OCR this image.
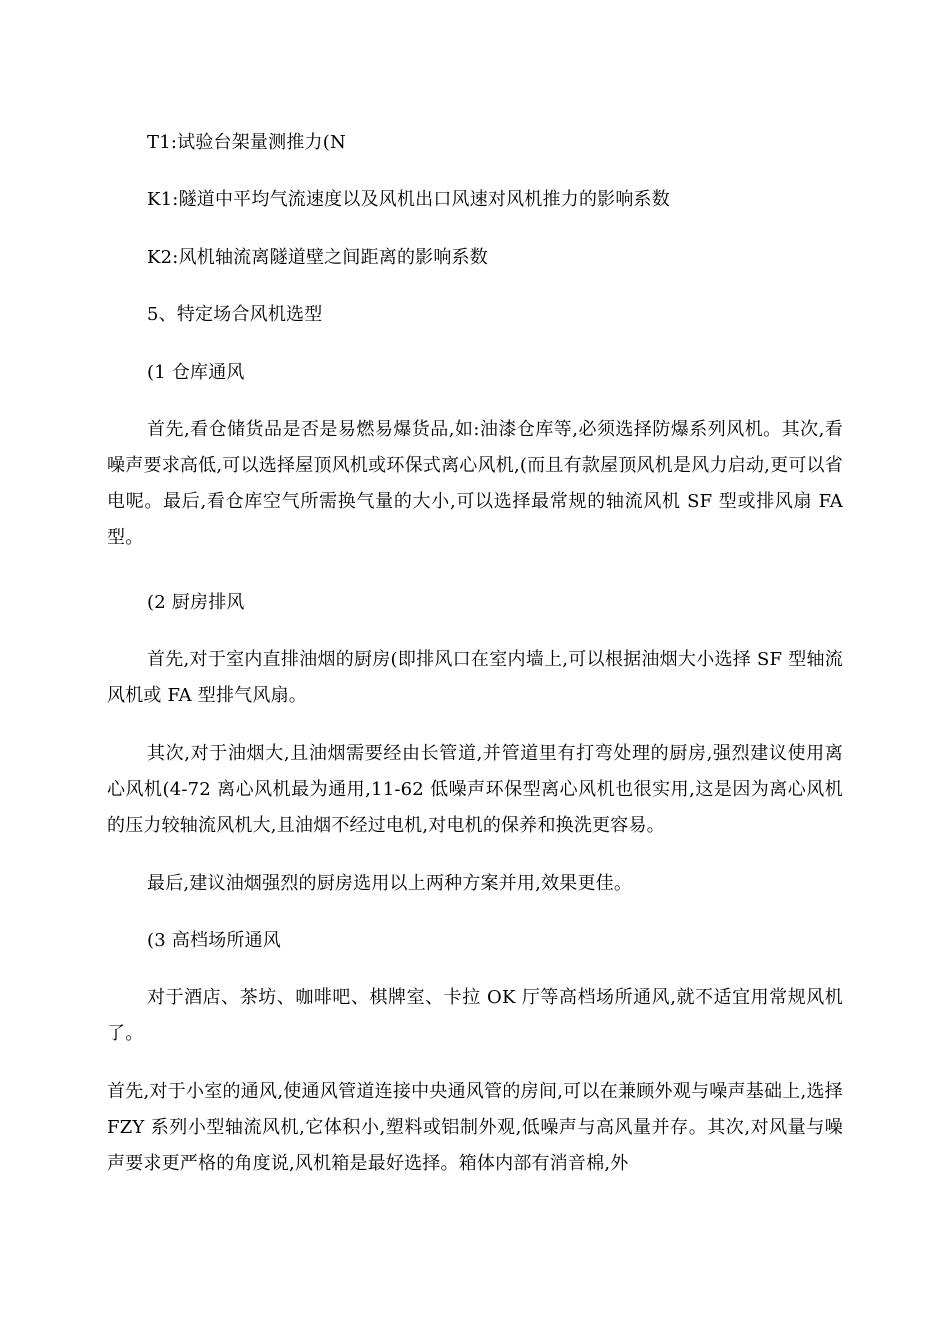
T1:试验台架量测推力(N

K1:隧道中平均气流速度以及风机出口风速对风机推力的影响系数

K2:风机轴流离隧道壁之间距离的影响系数

5、特定场合风机选型

(1 仓库通风

首先,看仓储货品是否是易燃易爆货品,如:油漆仓库等,必须选择防爆系列风机。其次,看噪声要求高低,可以选择屋顶风机或环保式离心风机,(而且有款屋顶风机是风力启动,更可以省电呢。最后,看仓库空气所需换气量的大小,可以选择最常规的轴流风机 SF 型或排风扇 FA 型。

(2 厨房排风

首先,对于室内直排油烟的厨房(即排风口在室内墙上,可以根据油烟大小选择 SF 型轴流风机或 FA 型排气风扇。

其次,对于油烟大,且油烟需要经由长管道,并管道里有打弯处理的厨房,强烈建议使用离心风机(4-72 离心风机最为通用,11-62 低噪声环保型离心风机也很实用,这是因为离心风机的压力较轴流风机大,且油烟不经过电机,对电机的保养和换洗更容易。

最后,建议油烟强烈的厨房选用以上两种方案并用,效果更佳。

(3 高档场所通风

对于酒店、茶坊、咖啡吧、棋牌室、卡拉 OK 厅等高档场所通风,就不适宜用常规风机了。

首先,对于小室的通风,使通风管道连接中央通风管的房间,可以在兼顾外观与噪声基础上,选择 FZY 系列小型轴流风机,它体积小,塑料或铝制外观,低噪声与高风量并存。其次,对风量与噪声要求更严格的角度说,风机箱是最好选择。箱体内部有消音棉,外
